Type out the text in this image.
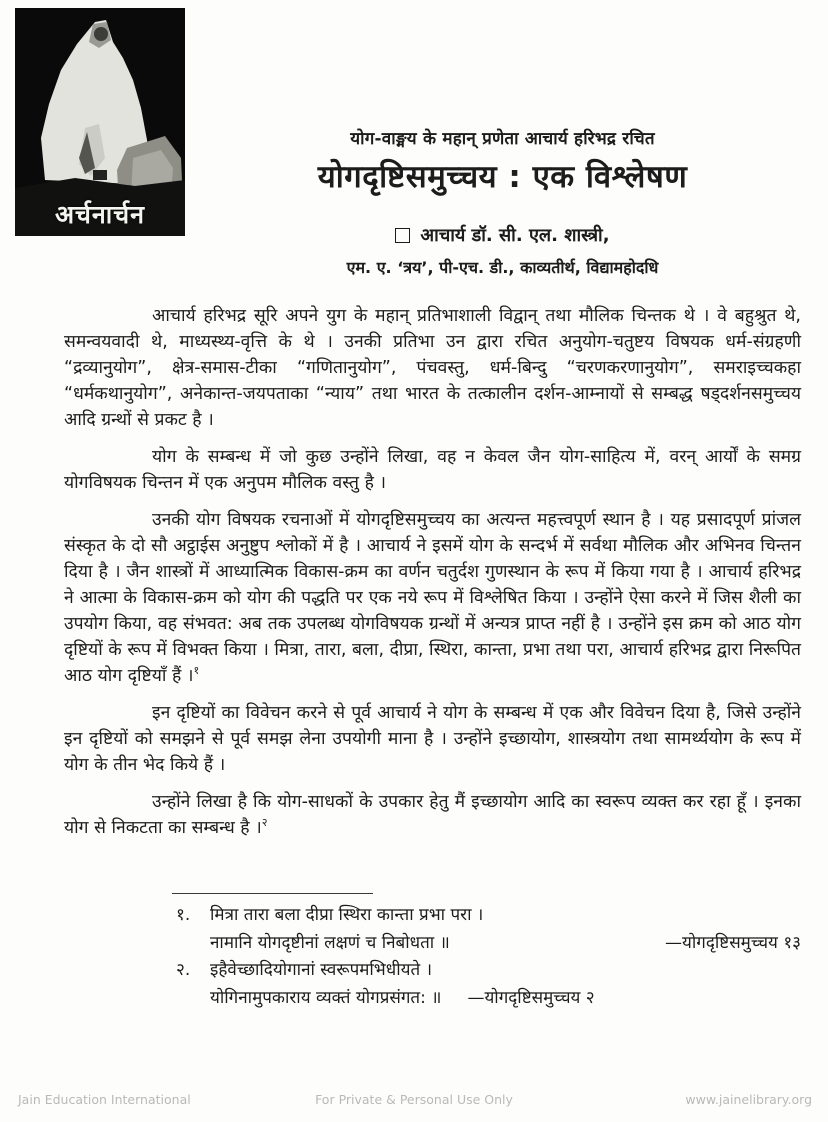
अर्चनार्चन
योग-वाङ्मय के महान् प्रणेता आचार्य हरिभद्र रचित
योगदृष्टिसमुच्चय : एक विश्लेषण
आचार्य डॉ. सी. एल. शास्त्री,
एम. ए. ‘त्रय’, पी-एच. डी., काव्यतीर्थ, विद्यामहोदधि

आचार्य हरिभद्र सूरि अपने युग के महान् प्रतिभाशाली विद्वान् तथा मौलिक चिन्तक थे । वे बहुश्रुत थे, समन्वयवादी थे, माध्यस्थ्य-वृत्ति के थे । उनकी प्रतिभा उन द्वारा रचित अनुयोग-चतुष्टय विषयक धर्म-संग्रहणी “द्रव्यानुयोग”, क्षेत्र-समास-टीका “गणितानुयोग”, पंचवस्तु, धर्म-बिन्दु “चरणकरणानुयोग”, समराइच्चकहा “धर्मकथानुयोग”, अनेकान्त-जयपताका “न्याय” तथा भारत के तत्कालीन दर्शन-आम्नायों से सम्बद्ध षड्दर्शनसमुच्चय आदि ग्रन्थों से प्रकट है ।

योग के सम्बन्ध में जो कुछ उन्होंने लिखा, वह न केवल जैन योग-साहित्य में, वरन् आर्यों के समग्र योगविषयक चिन्तन में एक अनुपम मौलिक वस्तु है ।

उनकी योग विषयक रचनाओं में योगदृष्टिसमुच्चय का अत्यन्त महत्त्वपूर्ण स्थान है । यह प्रसादपूर्ण प्रांजल संस्कृत के दो सौ अट्ठाईस अनुष्टुप श्लोकों में है । आचार्य ने इसमें योग के सन्दर्भ में सर्वथा मौलिक और अभिनव चिन्तन दिया है । जैन शास्त्रों में आध्यात्मिक विकास-क्रम का वर्णन चतुर्दश गुणस्थान के रूप में किया गया है । आचार्य हरिभद्र ने आत्मा के विकास-क्रम को योग की पद्धति पर एक नये रूप में विश्लेषित किया । उन्होंने ऐसा करने में जिस शैली का उपयोग किया, वह संभवत: अब तक उपलब्ध योगविषयक ग्रन्थों में अन्यत्र प्राप्त नहीं है । उन्होंने इस क्रम को आठ योग दृष्टियों के रूप में विभक्त किया । मित्रा, तारा, बला, दीप्रा, स्थिरा, कान्ता, प्रभा तथा परा, आचार्य हरिभद्र द्वारा निरूपित आठ योग दृष्टियाँ हैं ।$^१$

इन दृष्टियों का विवेचन करने से पूर्व आचार्य ने योग के सम्बन्ध में एक और विवेचन दिया है, जिसे उन्होंने इन दृष्टियों को समझने से पूर्व समझ लेना उपयोगी माना है । उन्होंने इच्छायोग, शास्त्रयोग तथा सामर्थ्ययोग के रूप में योग के तीन भेद किये हैं ।

उन्होंने लिखा है कि योग-साधकों के उपकार हेतु मैं इच्छायोग आदि का स्वरूप व्यक्त कर रहा हूँ । इनका योग से निकटता का सम्बन्ध है ।$^२$

१. मित्रा तारा बला दीप्रा स्थिरा कान्ता प्रभा परा ।
नामानि योगदृष्टीनां लक्षणं च निबोधता ॥	—योगदृष्टिसमुच्चय १३
२. इहैवेच्छादियोगानां स्वरूपमभिधीयते ।
योगिनामुपकाराय व्यक्तं योगप्रसंगत: ॥ —योगदृष्टिसमुच्चय २
Jain Education International	For Private & Personal Use Only	www.jainelibrary.org
